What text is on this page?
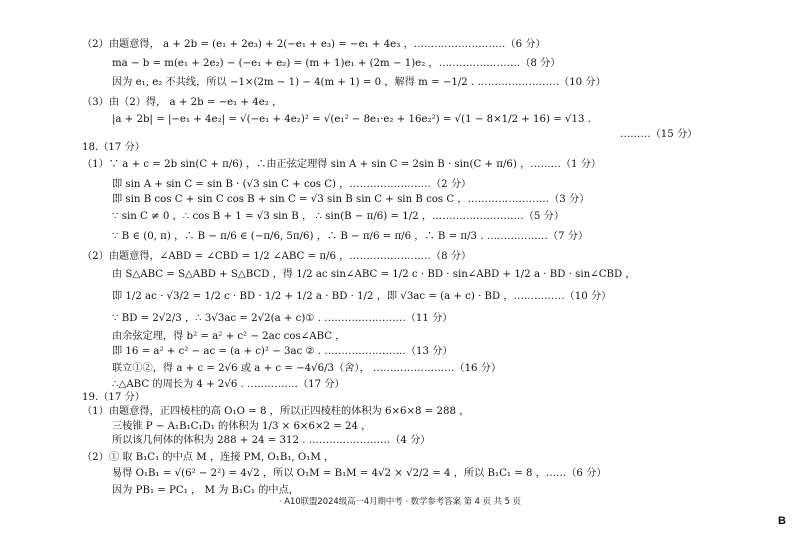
（2）由题意得， a + 2b = (e₁ + 2e₃) + 2(−e₁ + e₃) = −e₁ + 4e₃ ，………………………（6 分）
ma − b = m(e₁ + 2e₂) − (−e₁ + e₂) = (m + 1)e₁ + (2m − 1)e₂ ，……………………（8 分）
因为 e₁, e₂ 不共线，所以 −1×(2m − 1) − 4(m + 1) = 0 ，解得 m = −1/2 . ……………………（10 分）
（3）由（2）得， a + 2b = −e₁ + 4e₂ ，
|a + 2b| = |−e₁ + 4e₂| = √(−e₁ + 4e₂)² = √(e₁² − 8e₁·e₂ + 16e₂²) = √(1 − 8×1/2 + 16) = √13 .
………（15 分）
18.（17 分）
（1）∵ a + c = 2b sin(C + π/6) ，∴由正弦定理得 sin A + sin C = 2sin B · sin(C + π/6) ，………（1 分）
即 sin A + sin C = sin B · (√3 sin C + cos C) ，……………………（2 分）
即 sin B cos C + sin C cos B + sin C = √3 sin B sin C + sin B cos C ，……………………（3 分）
∵ sin C ≠ 0 ，∴ cos B + 1 = √3 sin B ， ∴ sin(B − π/6) = 1/2 ，………………………（5 分）
∵ B ∈ (0, π) ，∴ B − π/6 ∈ (−π/6, 5π/6) ，∴ B − π/6 = π/6 ，∴ B = π/3 . ………………（7 分）
（2）由题意得，∠ABD = ∠CBD = 1/2 ∠ABC = π/6 ，……………………（8 分）
由 S△ABC = S△ABD + S△BCD ，得 1/2 ac sin∠ABC = 1/2 c · BD · sin∠ABD + 1/2 a · BD · sin∠CBD ，
即 1/2 ac · √3/2 = 1/2 c · BD · 1/2 + 1/2 a · BD · 1/2 ，即 √3ac = (a + c) · BD ，……………（10 分）
∵ BD = 2√2/3 ，∴ 3√3ac = 2√2(a + c)① . ……………………（11 分）
由余弦定理，得 b² = a² + c² − 2ac cos∠ABC ，
即 16 = a² + c² − ac = (a + c)² − 3ac ② . ……………………（13 分）
联立①②，得 a + c = 2√6 或 a + c = −4√6/3（舍）， ……………………（16 分）
∴△ABC 的周长为 4 + 2√6 . ……………（17 分）
19.（17 分）
（1）由题意得，正四棱柱的高 O₁O = 8 ，所以正四棱柱的体积为 6×6×8 = 288 ，
三棱锥 P − A₁B₁C₁D₁ 的体积为 1/3 × 6×6×2 = 24 ，
所以该几何体的体积为 288 + 24 = 312 . ……………………（4 分）
（2）① 取 B₁C₁ 的中点 M ，连接 PM, O₁B₁, O₁M ，
易得 O₁B₁ = √(6² − 2²) = 4√2 ，所以 O₁M = B₁M = 4√2 × √2/2 = 4 ，所以 B₁C₁ = 8 ，……（6 分）
因为 PB₁ = PC₁ ， M 为 B₁C₁ 的中点，
· A10联盟2024级高一4月期中考 · 数学参考答案 第 4 页 共 5 页
B
